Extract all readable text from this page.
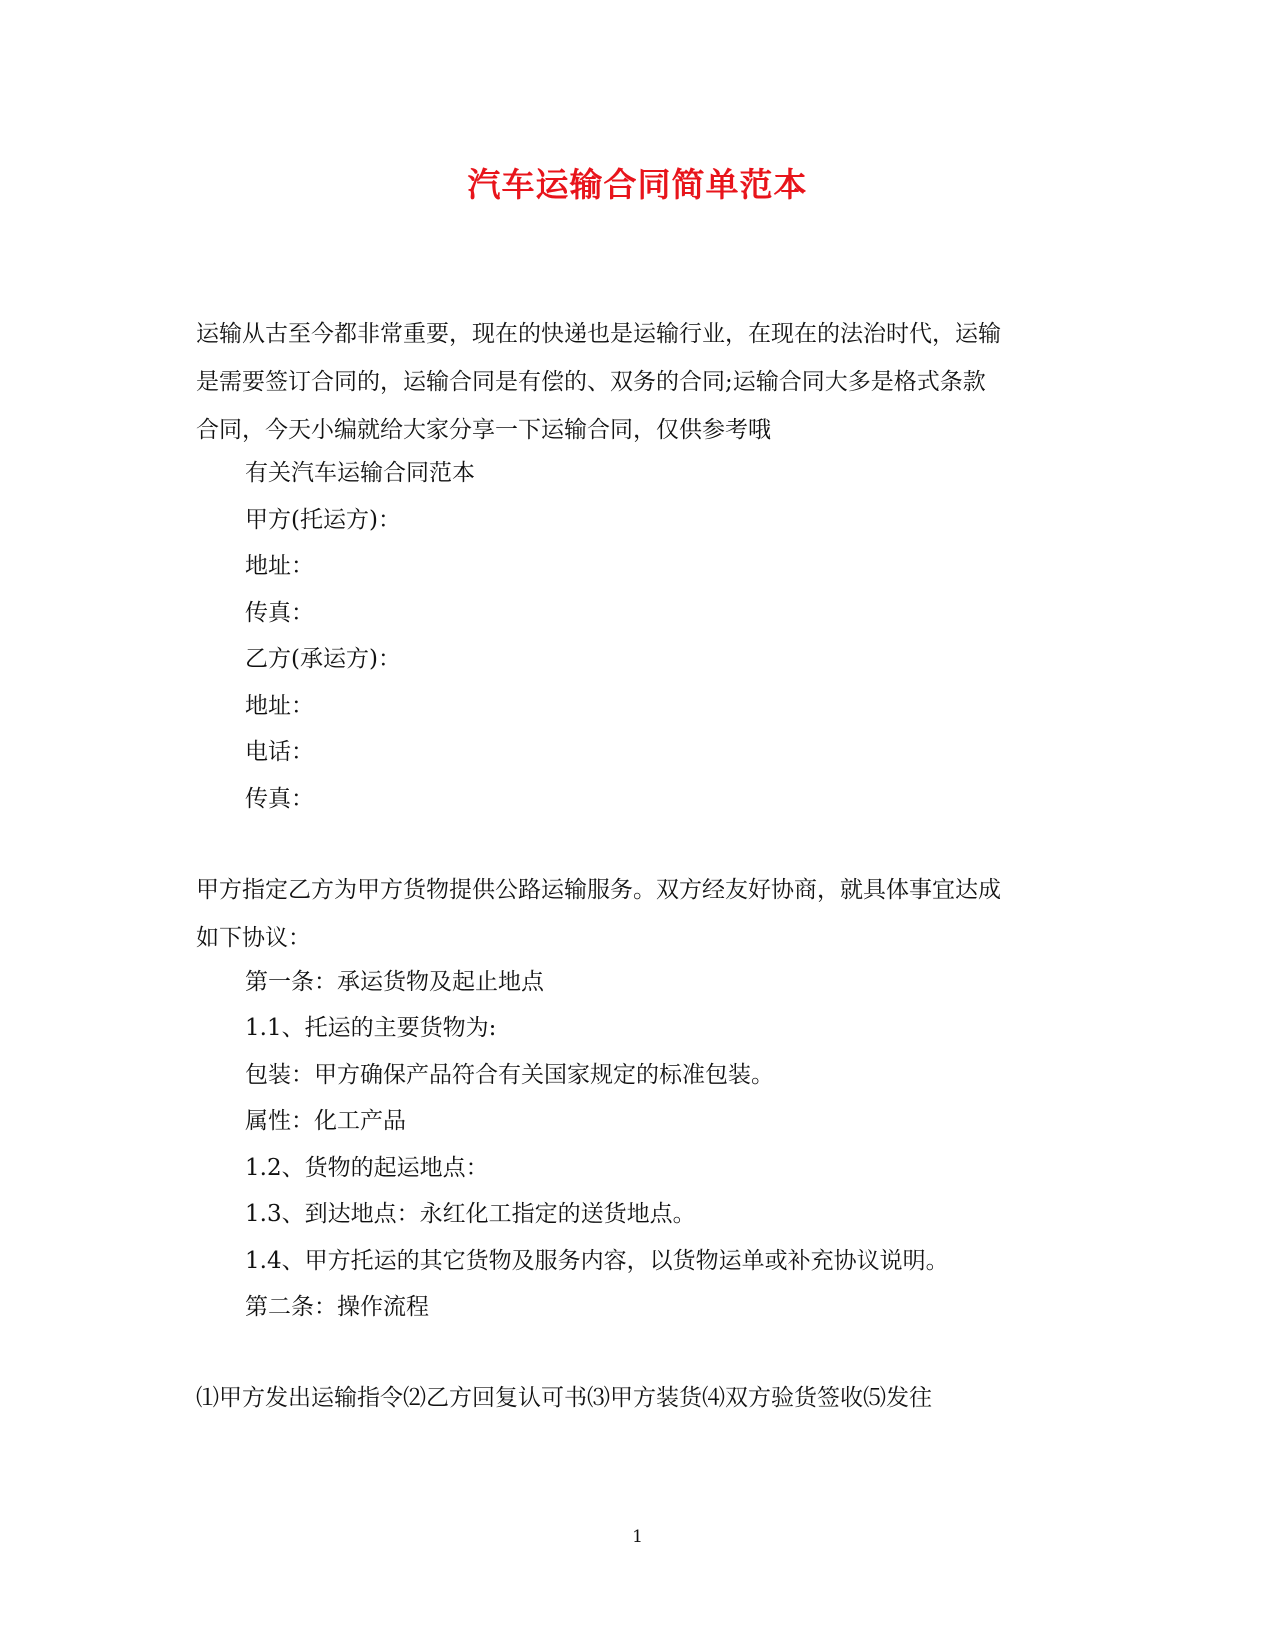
汽车运输合同简单范本
运输从古至今都非常重要，现在的快递也是运输行业，在现在的法治时代，运输
是需要签订合同的，运输合同是有偿的、双务的合同;运输合同大多是格式条款
合同，今天小编就给大家分享一下运输合同，仅供参考哦
有关汽车运输合同范本
甲方(托运方)：
地址：
传真：
乙方(承运方)：
地址：
电话：
传真：
甲方指定乙方为甲方货物提供公路运输服务。双方经友好协商，就具体事宜达成
如下协议：
第一条：承运货物及起止地点
1.1、托运的主要货物为:
包装：甲方确保产品符合有关国家规定的标准包装。
属性：化工产品
1.2、货物的起运地点：
1.3、到达地点：永红化工指定的送货地点。
1.4、甲方托运的其它货物及服务内容，以货物运单或补充协议说明。
第二条：操作流程
⑴甲方发出运输指令⑵乙方回复认可书⑶甲方装货⑷双方验货签收⑸发往
1
